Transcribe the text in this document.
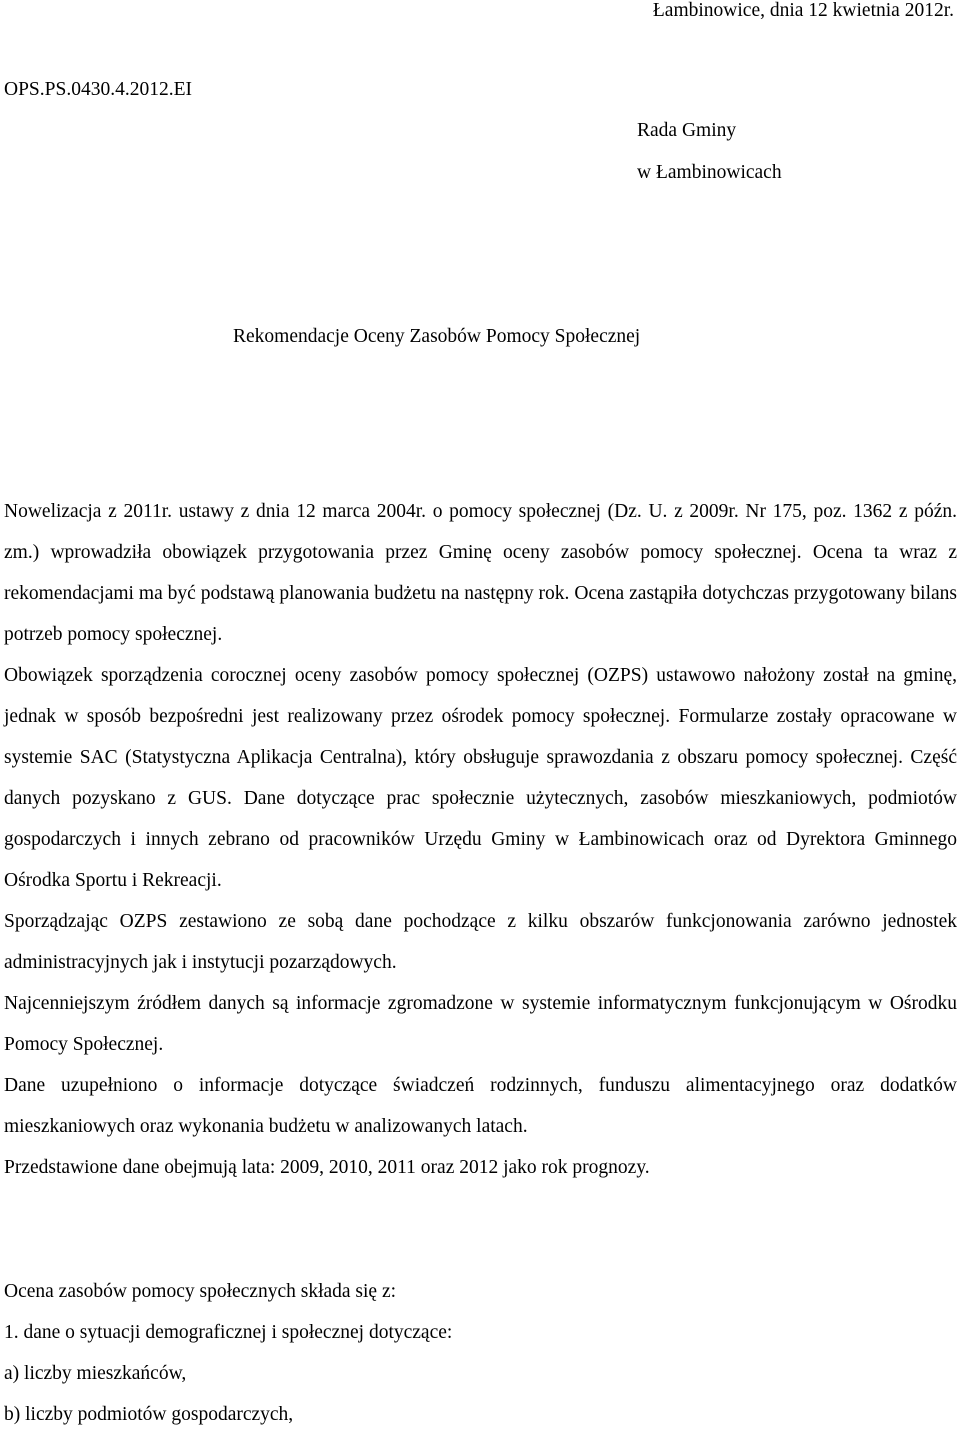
Łambinowice, dnia 12 kwietnia 2012r.
OPS.PS.0430.4.2012.EI
Rada Gminy
w Łambinowicach
Rekomendacje Oceny Zasobów Pomocy Społecznej

Nowelizacja z 2011r. ustawy z dnia 12 marca 2004r. o pomocy społecznej (Dz. U. z 2009r. Nr 175, poz. 1362 z późn. zm.) wprowadziła obowiązek przygotowania przez Gminę oceny zasobów pomocy społecznej. Ocena ta wraz z rekomendacjami ma być podstawą planowania budżetu na następny rok. Ocena zastąpiła dotychczas przygotowany bilans potrzeb pomocy społecznej.

Obowiązek sporządzenia corocznej oceny zasobów pomocy społecznej (OZPS) ustawowo nałożony został na gminę, jednak w sposób bezpośredni jest realizowany przez ośrodek pomocy społecznej. Formularze zostały opracowane w systemie SAC (Statystyczna Aplikacja Centralna), który obsługuje sprawozdania z obszaru pomocy społecznej. Część danych pozyskano z GUS. Dane dotyczące prac społecznie użytecznych, zasobów mieszkaniowych, podmiotów gospodarczych i innych zebrano od pracowników Urzędu Gminy w Łambinowicach oraz od Dyrektora Gminnego Ośrodka Sportu i Rekreacji.

Sporządzając OZPS zestawiono ze sobą dane pochodzące z kilku obszarów funkcjonowania zarówno jednostek administracyjnych jak i instytucji pozarządowych.

Najcenniejszym źródłem danych są informacje zgromadzone w systemie informatycznym funkcjonującym w Ośrodku Pomocy Społecznej.

Dane uzupełniono o informacje dotyczące świadczeń rodzinnych, funduszu alimentacyjnego oraz dodatków mieszkaniowych oraz wykonania budżetu w analizowanych latach.

Przedstawione dane obejmują lata: 2009, 2010, 2011 oraz 2012 jako rok prognozy.

Ocena zasobów pomocy społecznych składa się z:
1. dane o sytuacji demograficznej i społecznej dotyczące:
a) liczby mieszkańców,
b) liczby podmiotów gospodarczych,
